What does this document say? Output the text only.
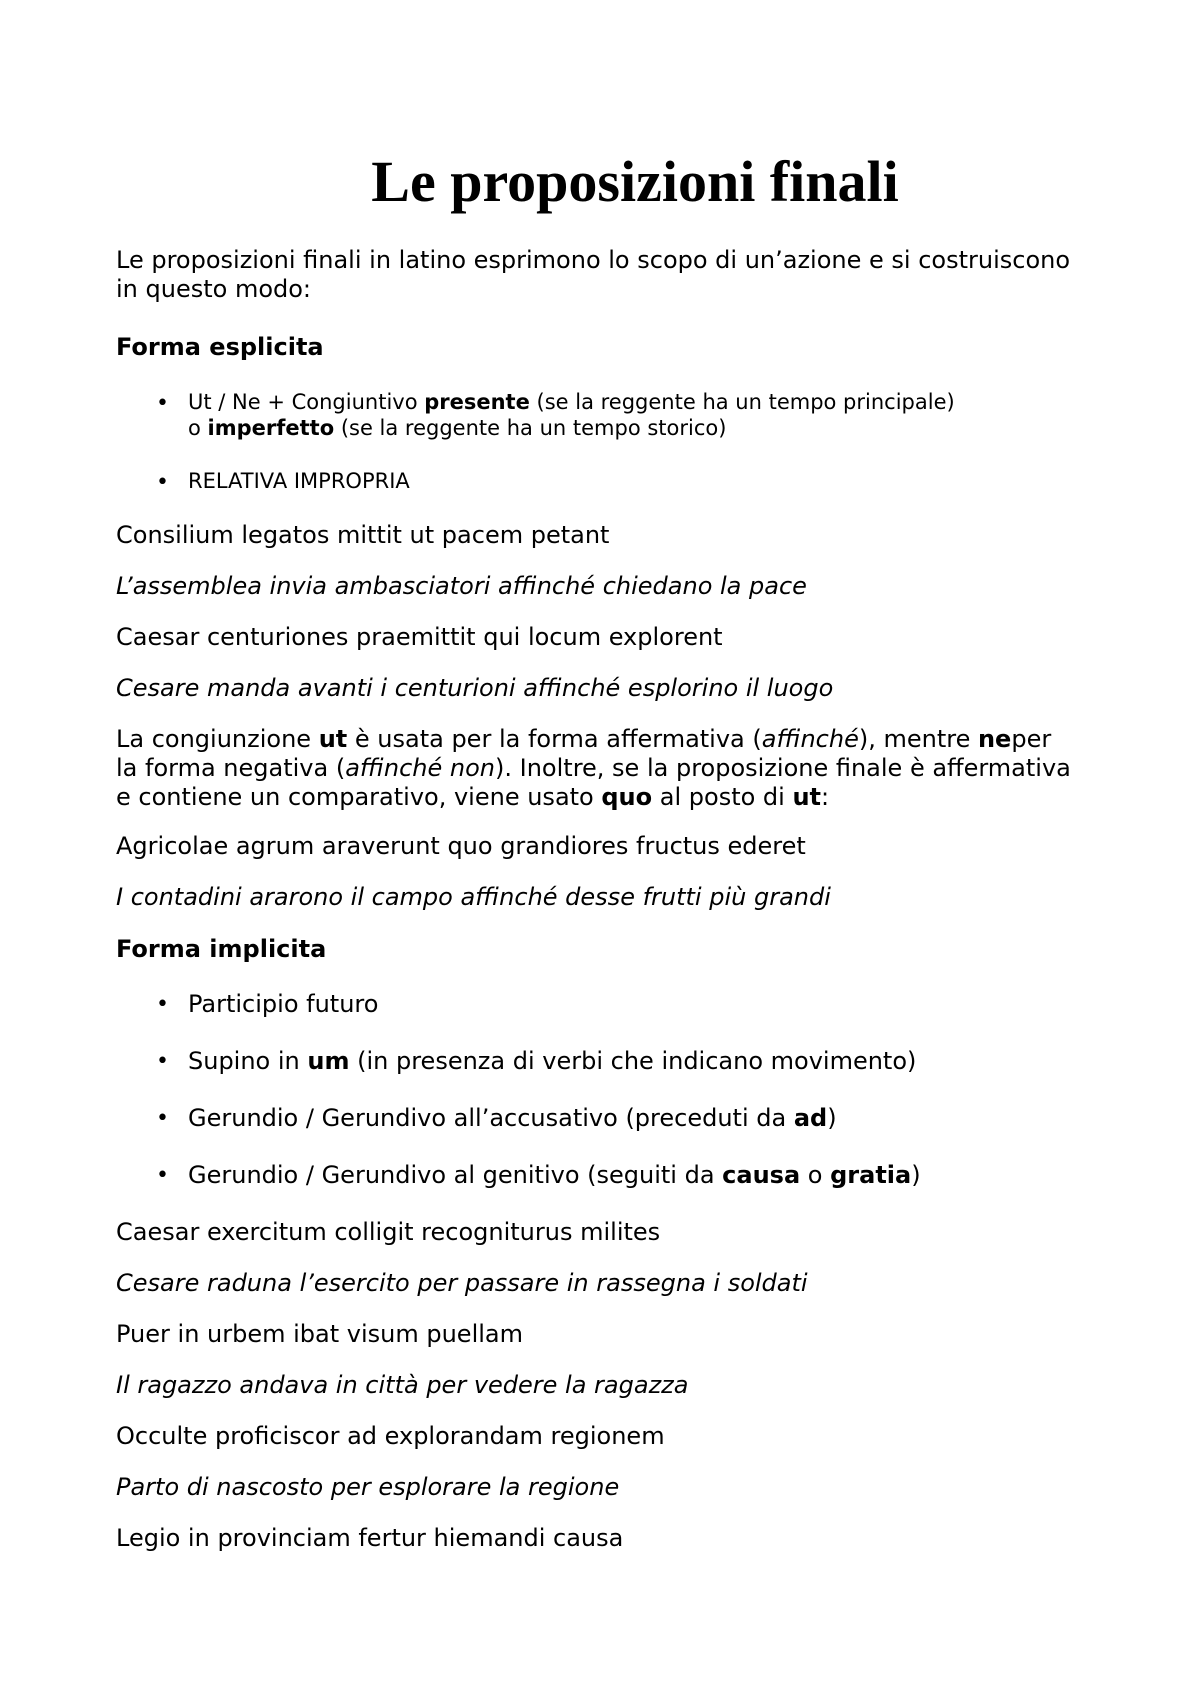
Le proposizioni finali

Le proposizioni finali in latino esprimono lo scopo di un’azione e si costruiscono in questo modo:

Forma esplicita

• Ut / Ne + Congiuntivo presente (se la reggente ha un tempo principale)
o imperfetto (se la reggente ha un tempo storico)
• RELATIVA IMPROPRIA

Consilium legatos mittit ut pacem petant

L’assemblea invia ambasciatori affinché chiedano la pace

Caesar centuriones praemittit qui locum explorent

Cesare manda avanti i centurioni affinché esplorino il luogo

La congiunzione ut è usata per la forma affermativa (affinché), mentre neper
la forma negativa (affinché non). Inoltre, se la proposizione finale è affermativa
e contiene un comparativo, viene usato quo al posto di ut:

Agricolae agrum araverunt quo grandiores fructus ederet

I contadini ararono il campo affinché desse frutti più grandi

Forma implicita

• Participio futuro
• Supino in um (in presenza di verbi che indicano movimento)
• Gerundio / Gerundivo all’accusativo (preceduti da ad)
• Gerundio / Gerundivo al genitivo (seguiti da causa o gratia)

Caesar exercitum colligit recogniturus milites

Cesare raduna l’esercito per passare in rassegna i soldati

Puer in urbem ibat visum puellam

Il ragazzo andava in città per vedere la ragazza

Occulte proficiscor ad explorandam regionem

Parto di nascosto per esplorare la regione

Legio in provinciam fertur hiemandi causa
